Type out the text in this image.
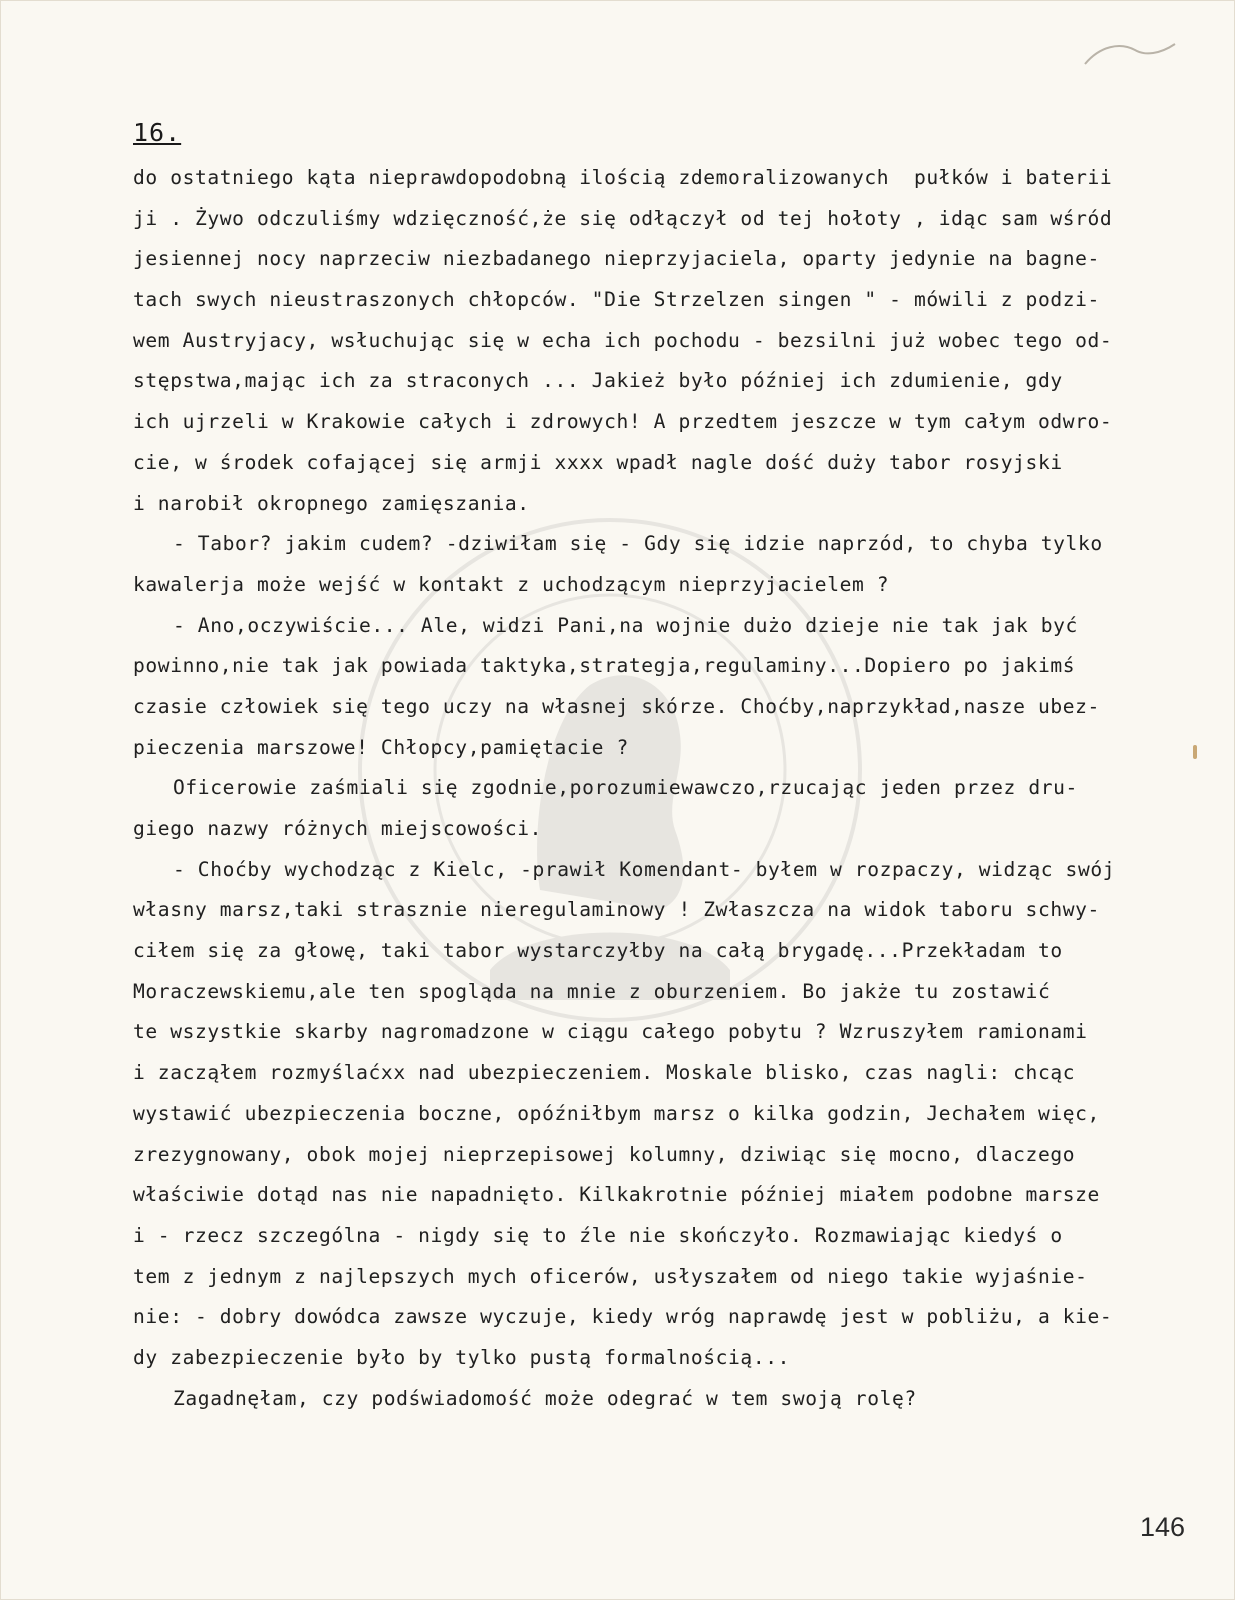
16.
do ostatniego kąta nieprawdopodobną ilością zdemoralizowanych  pułków i baterii
ji . Żywo odczuliśmy wdzięczność,że się odłączył od tej hołoty , idąc sam wśród
jesiennej nocy naprzeciw niezbadanego nieprzyjaciela, oparty jedynie na bagne-
tach swych nieustraszonych chłopców. "Die Strzelzen singen " - mówili z podzi-
wem Austryjacy, wsłuchując się w echa ich pochodu - bezsilni już wobec tego od-
stępstwa,mając ich za straconych ... Jakież było później ich zdumienie, gdy
ich ujrzeli w Krakowie całych i zdrowych! A przedtem jeszcze w tym całym odwro-
cie, w środek cofającej się armji xxxx wpadł nagle dość duży tabor rosyjski
i narobił okropnego zamięszania.
- Tabor? jakim cudem? -dziwiłam się - Gdy się idzie naprzód, to chyba tylko
kawalerja może wejść w kontakt z uchodzącym nieprzyjacielem ?
- Ano,oczywiście... Ale, widzi Pani,na wojnie dużo dzieje nie tak jak być
powinno,nie tak jak powiada taktyka,strategja,regulaminy...Dopiero po jakimś
czasie człowiek się tego uczy na własnej skórze. Choćby,naprzykład,nasze ubez-
pieczenia marszowe! Chłopcy,pamiętacie ?
Oficerowie zaśmiali się zgodnie,porozumiewawczo,rzucając jeden przez dru-
giego nazwy różnych miejscowości.
- Choćby wychodząc z Kielc, -prawił Komendant- byłem w rozpaczy, widząc swój
własny marsz,taki strasznie nieregulaminowy ! Zwłaszcza na widok taboru schwy-
ciłem się za głowę, taki tabor wystarczyłby na całą brygadę...Przekładam to
Moraczewskiemu,ale ten spogląda na mnie z oburzeniem. Bo jakże tu zostawić
te wszystkie skarby nagromadzone w ciągu całego pobytu ? Wzruszyłem ramionami
i zacząłem rozmyślaćxx nad ubezpieczeniem. Moskale blisko, czas nagli: chcąc
wystawić ubezpieczenia boczne, opóźniłbym marsz o kilka godzin, Jechałem więc,
zrezygnowany, obok mojej nieprzepisowej kolumny, dziwiąc się mocno, dlaczego
właściwie dotąd nas nie napadnięto. Kilkakrotnie później miałem podobne marsze
i - rzecz szczególna - nigdy się to źle nie skończyło. Rozmawiając kiedyś o
tem z jednym z najlepszych mych oficerów, usłyszałem od niego takie wyjaśnie-
nie: - dobry dowódca zawsze wyczuje, kiedy wróg naprawdę jest w pobliżu, a kie-
dy zabezpieczenie było by tylko pustą formalnością...
Zagadnęłam, czy podświadomość może odegrać w tem swoją rolę?
146
